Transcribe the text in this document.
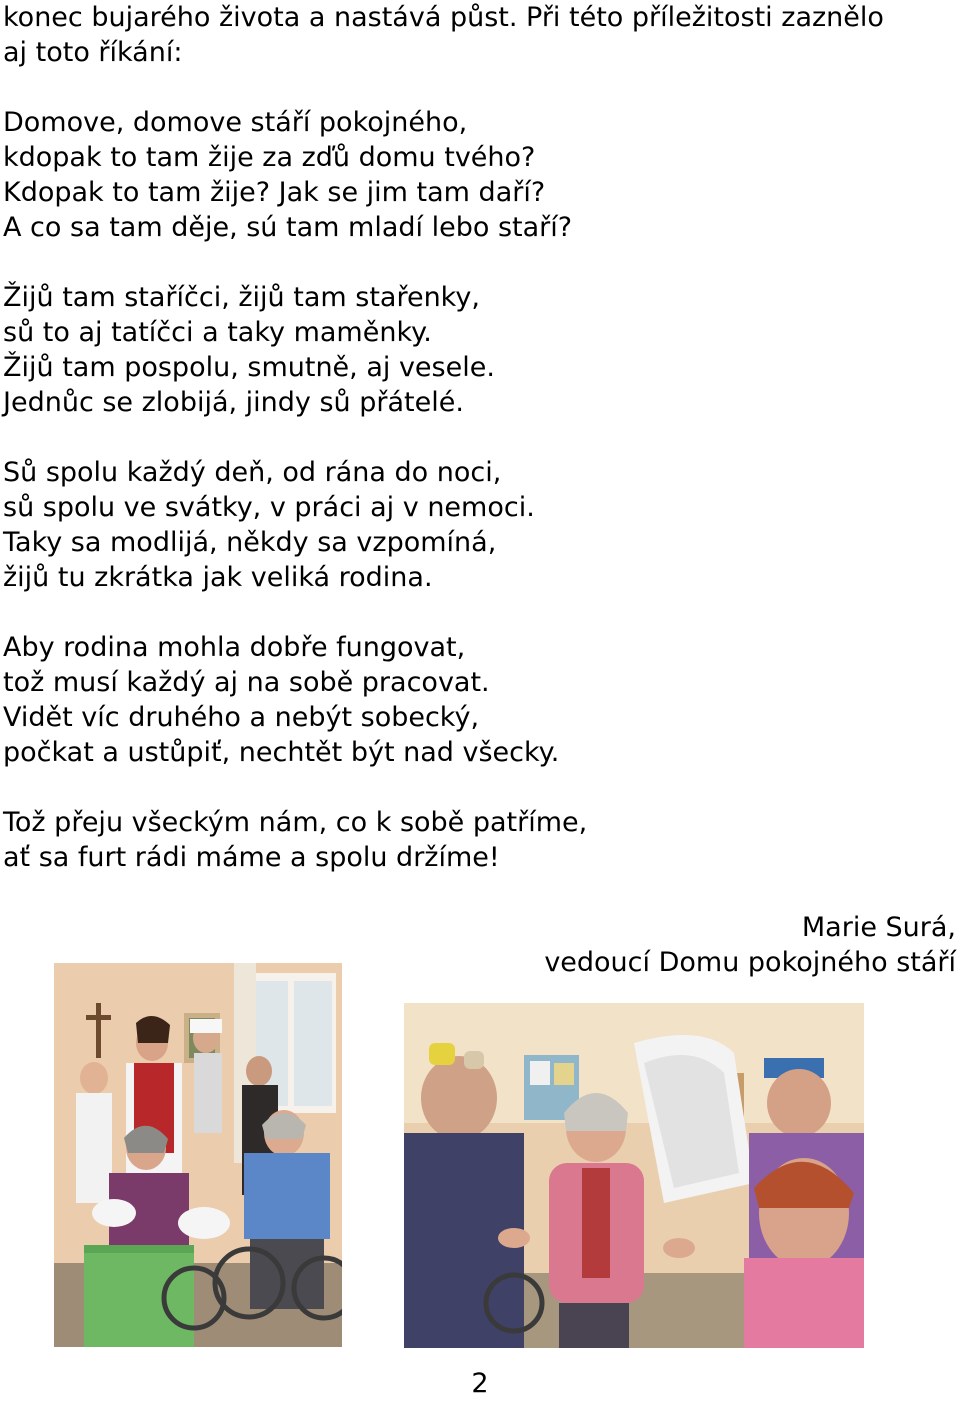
konec bujarého života a nastává půst. Při této příležitosti zaznělo
aj toto říkání:
Domove, domove stáří pokojného,
kdopak to tam žije za zďů domu tvého?
Kdopak to tam žije? Jak se jim tam daří?
A co sa tam děje, sú tam mladí lebo staří?
Žijů tam staříčci, žijů tam stařenky,
sů to aj tatíčci a taky maměnky.
Žijů tam pospolu, smutně, aj vesele.
Jednůc se zlobijá, jindy sů přátelé.
Sů spolu každý deň, od rána do noci,
sů spolu ve svátky, v práci aj v nemoci.
Taky sa modlijá, někdy sa vzpomíná,
žijů tu zkrátka jak veliká rodina.
Aby rodina mohla dobře fungovat,
tož musí každý aj na sobě pracovat.
Vidět víc druhého a nebýt sobecký,
počkat a ustůpiť, nechtět být nad všecky.
Tož přeju všeckým nám, co k sobě patříme,
ať sa furt rádi máme a spolu držíme!
Marie Surá,
vedoucí Domu pokojného stáří
2
